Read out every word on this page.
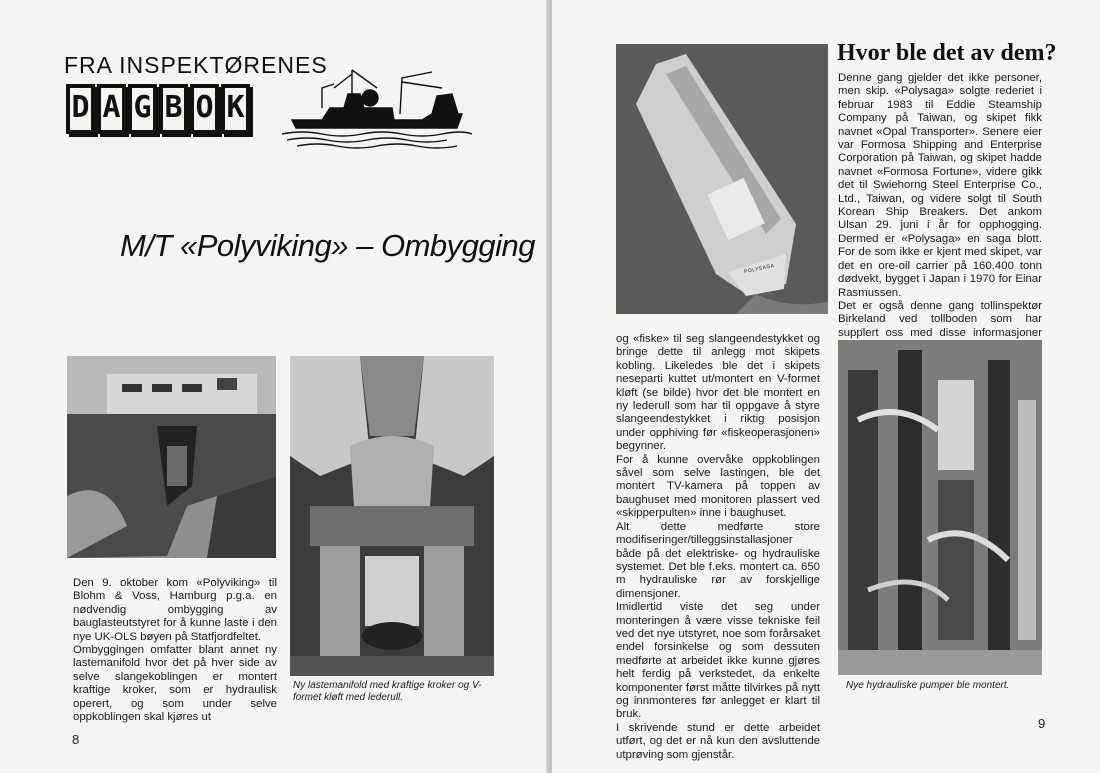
FRA INSPEKTØRENES
D A G B O K
M/T «Polyviking» – Ombygging

Den 9. oktober kom «Polyviking» til Blohm & Voss, Hamburg p.g.a. en nødvendig ombygging av bauglasteutstyret for å kunne laste i den nye UK-OLS bøyen på Statfjordfeltet.

Ombyggingen omfatter blant annet ny lastemanifold hvor det på hver side av selve slangekoblingen er montert kraftige kroker, som er hydraulisk operert, og som under selve oppkoblingen skal kjøres ut

Ny lastemanifold med kraftige kroker og V-formet kløft med lederull.
8
POLYSAGA
Hvor ble det av dem?

Denne gang gjelder det ikke personer, men skip. «Polysaga» solgte rederiet i februar 1983 til Eddie Steamship Company på Taiwan, og skipet fikk navnet «Opal Transporter». Senere eier var Formosa Shipping and Enterprise Corporation på Taiwan, og skipet hadde navnet «Formosa Fortune», videre gikk det til Swiehorng Steel Enterprise Co., Ltd., Taiwan, og videre solgt til South Korean Ship Breakers. Det ankom Ulsan 29. juni i år for opphogging. Dermed er «Polysaga» en saga blott. For de som ikke er kjent med skipet, var det en ore-oil carrier på 160.400 tonn dødvekt, bygget i Japan i 1970 for Einar Rasmussen.

Det er også denne gang tollinspektør Birkeland ved tollboden som har supplert oss med disse informasjoner

og «fiske» til seg slangeendestykket og bringe dette til anlegg mot skipets kobling. Likeledes ble det i skipets neseparti kuttet ut/montert en V-formet kløft (se bilde) hvor det ble montert en ny lederull som har til oppgave å styre slangeendestykket i riktig posisjon under opphiving før «fiskeoperasjonen» begynner.

For å kunne overvåke oppkoblingen såvel som selve lastingen, ble det montert TV-kamera på toppen av baughuset med monitoren plassert ved «skipperpulten» inne i baughuset.

Alt dette medførte store modifiseringer/tilleggsinstallasjoner både på det elektriske- og hydrauliske systemet. Det ble f.eks. montert ca. 650 m hydrauliske rør av forskjellige dimensjoner.

Imidlertid viste det seg under monteringen å være visse tekniske feil ved det nye utstyret, noe som forårsaket endel forsinkelse og som dessuten medførte at arbeidet ikke kunne gjøres helt ferdig på verkstedet, da enkelte komponenter først måtte tilvirkes på nytt og innmonteres før anlegget er klart til bruk.

I skrivende stund er dette arbeidet utført, og det er nå kun den avsluttende utprøving som gjenstår.

Nye hydrauliske pumper ble montert.
9
